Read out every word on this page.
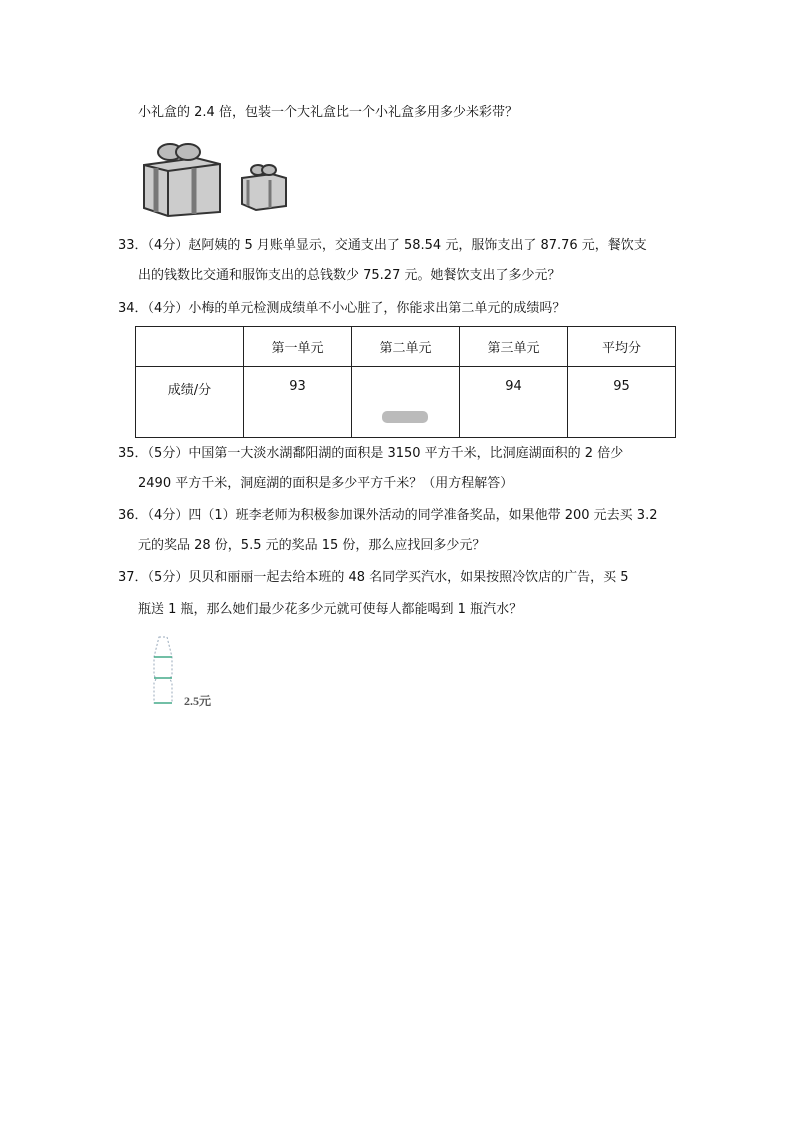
小礼盒的 2.4 倍，包装一个大礼盒比一个小礼盒多用多少米彩带？
33．（4分）赵阿姨的 5 月账单显示，交通支出了 58.54 元，服饰支出了 87.76 元，餐饮支
出的钱数比交通和服饰支出的总钱数少 75.27 元。她餐饮支出了多少元？
34．（4分）小梅的单元检测成绩单不小心脏了，你能求出第二单元的成绩吗？
	第一单元	第二单元	第三单元	平均分
成绩/分	93		94	95
35．（5分）中国第一大淡水湖鄱阳湖的面积是 3150 平方千米，比洞庭湖面积的 2 倍少
2490 平方千米，洞庭湖的面积是多少平方千米？（用方程解答）
36．（4分）四（1）班李老师为积极参加课外活动的同学准备奖品，如果他带 200 元去买 3.2
元的奖品 28 份，5.5 元的奖品 15 份，那么应找回多少元？
37．（5分）贝贝和丽丽一起去给本班的 48 名同学买汽水，如果按照冷饮店的广告，买 5
瓶送 1 瓶，那么她们最少花多少元就可使每人都能喝到 1 瓶汽水？
2.5元
